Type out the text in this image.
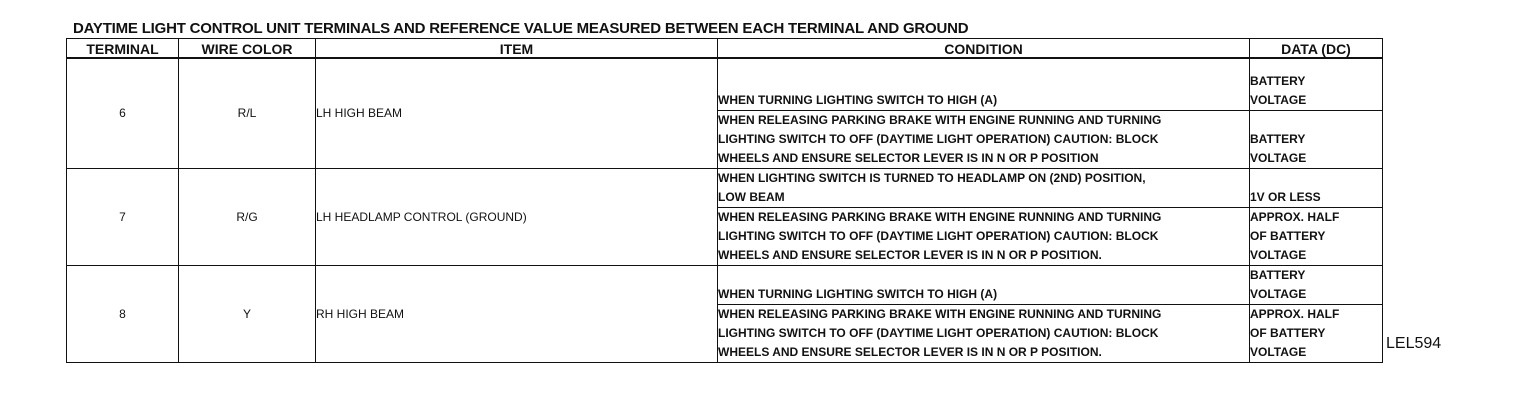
DAYTIME LIGHT CONTROL UNIT TERMINALS AND REFERENCE VALUE MEASURED BETWEEN EACH TERMINAL AND GROUND
TERMINAL	WIRE COLOR	ITEM	CONDITION	DATA (DC)
6	R/L	LH HIGH BEAM	WHEN TURNING LIGHTING SWITCH TO HIGH (A)	BATTERY
VOLTAGE

			WHEN RELEASING PARKING BRAKE WITH ENGINE RUNNING AND TURNING
LIGHTING SWITCH TO OFF (DAYTIME LIGHT OPERATION) CAUTION: BLOCK
WHEELS AND ENSURE SELECTOR LEVER IS IN N OR P POSITION	BATTERY
VOLTAGE

7	R/G	LH HEADLAMP CONTROL (GROUND)	WHEN LIGHTING SWITCH IS TURNED TO HEADLAMP ON (2ND) POSITION,
LOW BEAM	1V OR LESS

			WHEN RELEASING PARKING BRAKE WITH ENGINE RUNNING AND TURNING
LIGHTING SWITCH TO OFF (DAYTIME LIGHT OPERATION) CAUTION: BLOCK
WHEELS AND ENSURE SELECTOR LEVER IS IN N OR P POSITION.	APPROX. HALF
OF BATTERY
VOLTAGE

8	Y	RH HIGH BEAM	WHEN TURNING LIGHTING SWITCH TO HIGH (A)	BATTERY
VOLTAGE

			WHEN RELEASING PARKING BRAKE WITH ENGINE RUNNING AND TURNING
LIGHTING SWITCH TO OFF (DAYTIME LIGHT OPERATION) CAUTION: BLOCK
WHEELS AND ENSURE SELECTOR LEVER IS IN N OR P POSITION.	APPROX. HALF
OF BATTERY
VOLTAGE	LEL594
